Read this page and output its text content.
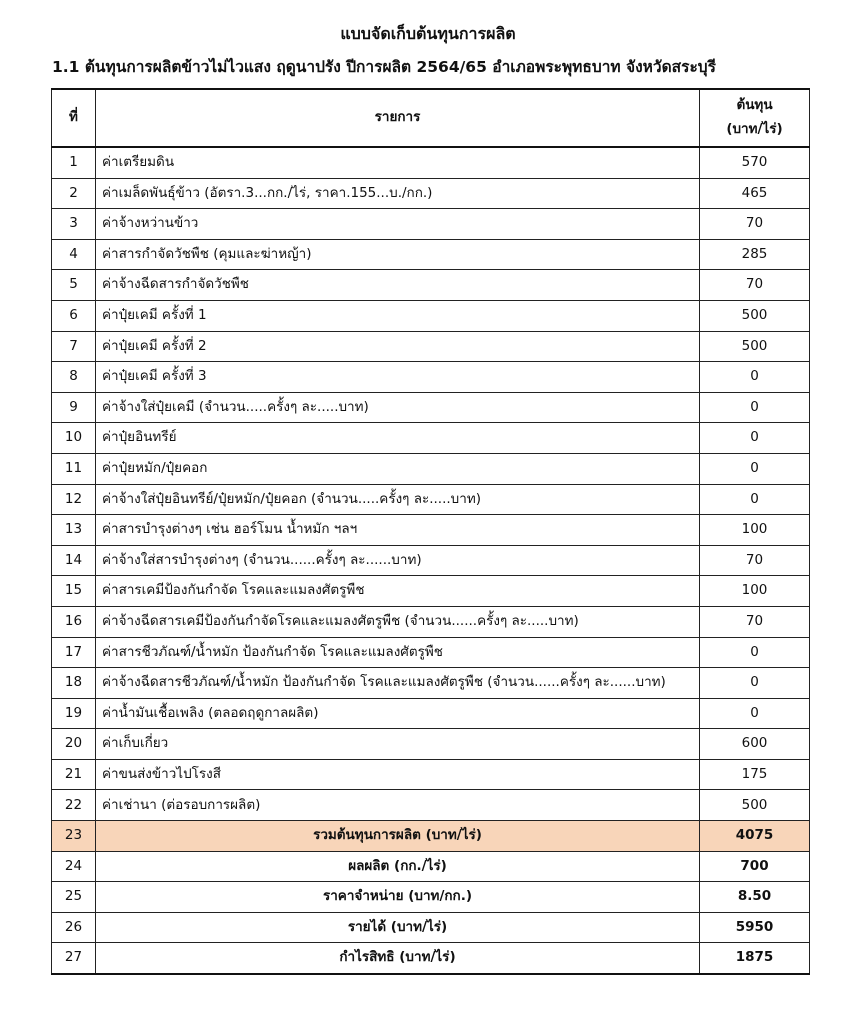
แบบจัดเก็บต้นทุนการผลิต
1.1 ต้นทุนการผลิตข้าวไม่ไวแสง ฤดูนาปรัง ปีการผลิต 2564/65 อำเภอพระพุทธบาท จังหวัดสระบุรี
ที่	รายการ	ต้นทุน
(บาท/ไร่)

1	ค่าเตรียมดิน	570
2	ค่าเมล็ดพันธุ์ข้าว (อัตรา.3...กก./ไร่, ราคา.155...บ./กก.)	465
3	ค่าจ้างหว่านข้าว	70
4	ค่าสารกำจัดวัชพืช (คุมและฆ่าหญ้า)	285
5	ค่าจ้างฉีดสารกำจัดวัชพืช	70
6	ค่าปุ๋ยเคมี ครั้งที่ 1	500
7	ค่าปุ๋ยเคมี ครั้งที่ 2	500
8	ค่าปุ๋ยเคมี ครั้งที่ 3	0
9	ค่าจ้างใส่ปุ๋ยเคมี (จำนวน.....ครั้งๆ ละ.....บาท)	0
10	ค่าปุ๋ยอินทรีย์	0
11	ค่าปุ๋ยหมัก/ปุ๋ยคอก	0
12	ค่าจ้างใส่ปุ๋ยอินทรีย์/ปุ๋ยหมัก/ปุ๋ยคอก (จำนวน.....ครั้งๆ ละ.....บาท)	0
13	ค่าสารบำรุงต่างๆ เช่น ฮอร์โมน น้ำหมัก ฯลฯ	100
14	ค่าจ้างใส่สารบำรุงต่างๆ (จำนวน......ครั้งๆ ละ......บาท)	70
15	ค่าสารเคมีป้องกันกำจัด โรคและแมลงศัตรูพืช	100
16	ค่าจ้างฉีดสารเคมีป้องกันกำจัดโรคและแมลงศัตรูพืช (จำนวน......ครั้งๆ ละ.....บาท)	70
17	ค่าสารชีวภัณฑ์/น้ำหมัก ป้องกันกำจัด โรคและแมลงศัตรูพืช	0
18	ค่าจ้างฉีดสารชีวภัณฑ์/น้ำหมัก ป้องกันกำจัด โรคและแมลงศัตรูพืช (จำนวน......ครั้งๆ ละ......บาท)	0
19	ค่าน้ำมันเชื้อเพลิง (ตลอดฤดูกาลผลิต)	0
20	ค่าเก็บเกี่ยว	600
21	ค่าขนส่งข้าวไปโรงสี	175
22	ค่าเช่านา (ต่อรอบการผลิต)	500
23	รวมต้นทุนการผลิต (บาท/ไร่)	4075
24	ผลผลิต (กก./ไร่)	700
25	ราคาจำหน่าย (บาท/กก.)	8.50
26	รายได้ (บาท/ไร่)	5950
27	กำไรสิทธิ (บาท/ไร่)	1875
